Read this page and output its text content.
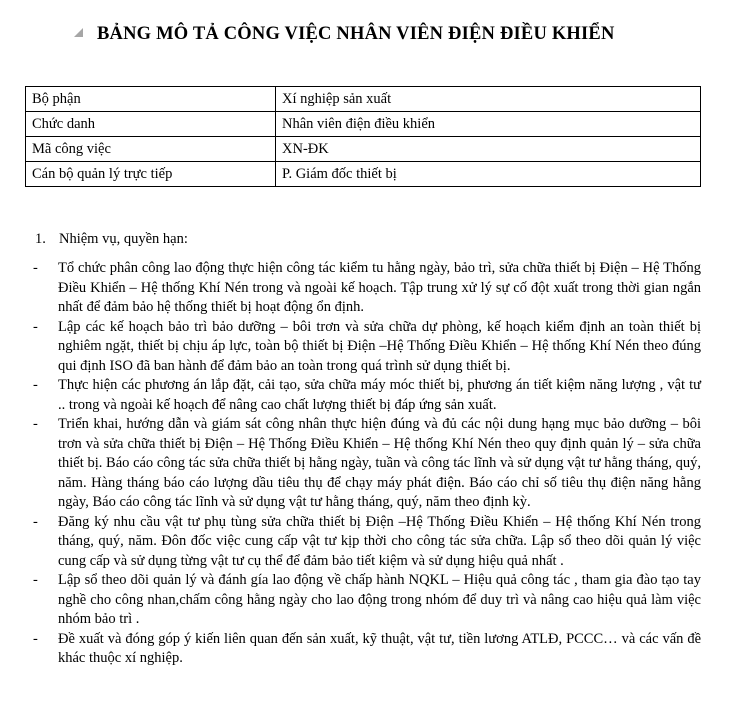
BẢNG MÔ TẢ CÔNG VIỆC NHÂN VIÊN ĐIỆN ĐIỀU KHIỂN
Bộ phận	Xí nghiệp sản xuất
Chức danh	Nhân viên điện điều khiển
Mã công việc	XN-ĐK
Cán bộ quản lý trực tiếp	P. Giám đốc thiết bị
1. Nhiệm vụ, quyền hạn:
- Tổ chức phân công lao động thực hiện công tác kiểm tu hằng ngày, bảo trì, sửa chữa thiết bị Điện – Hệ Thống Điều Khiển – Hệ thống Khí Nén trong và ngoài kế hoạch. Tập trung xử lý sự cố đột xuất trong thời gian ngắn nhất để đảm bảo hệ thống thiết bị hoạt động ổn định.
- Lập các kế hoạch bảo trì bảo dưỡng – bôi trơn và sửa chữa dự phòng, kế hoạch kiểm định an toàn thiết bị nghiêm ngặt, thiết bị chịu áp lực, toàn bộ thiết bị Điện –Hệ Thống Điều Khiển – Hệ thống Khí Nén theo đúng qui định ISO đã ban hành để đảm bảo an toàn trong quá trình sử dụng thiết bị.
- Thực hiện các phương án lắp đặt, cải tạo, sửa chữa máy móc thiết bị, phương án tiết kiệm năng lượng , vật tư .. trong và ngoài kế hoạch để nâng cao chất lượng thiết bị đáp ứng sản xuất.
- Triển khai, hướng dẫn và giám sát công nhân thực hiện đúng và đủ các nội dung hạng mục bảo dưỡng – bôi trơn và sửa chữa thiết bị Điện – Hệ Thống Điều Khiển – Hệ thống Khí Nén theo quy định quản lý – sửa chữa thiết bị. Báo cáo công tác sửa chữa thiết bị hằng ngày, tuần và công tác lĩnh và sử dụng vật tư hằng tháng, quý, năm. Hàng tháng báo cáo lượng dầu tiêu thụ để chạy máy phát điện. Báo cáo chỉ số tiêu thụ điện năng hằng ngày, Báo cáo công tác lĩnh và sử dụng vật tư hằng tháng, quý, năm theo định kỳ.
- Đăng ký nhu cầu vật tư phụ tùng sửa chữa thiết bị Điện –Hệ Thống Điều Khiển – Hệ thống Khí Nén trong tháng, quý, năm. Đôn đốc việc cung cấp vật tư kịp thời cho công tác sửa chữa. Lập sổ theo dõi quản lý việc cung cấp và sử dụng từng vật tư cụ thể để đảm bảo tiết kiệm và sử dụng hiệu quả nhất .
- Lập sổ theo dõi quản lý và đánh gía lao động về chấp hành NQKL – Hiệu quả công tác , tham gia đào tạo tay nghề cho công nhan,chấm công hằng ngày cho lao động trong nhóm để duy trì và nâng cao hiệu quả làm việc nhóm bảo trì .
- Đề xuất và đóng góp ý kiến liên quan đến sản xuất, kỹ thuật, vật tư, tiền lương ATLĐ, PCCC… và các vấn đề khác thuộc xí nghiệp.
